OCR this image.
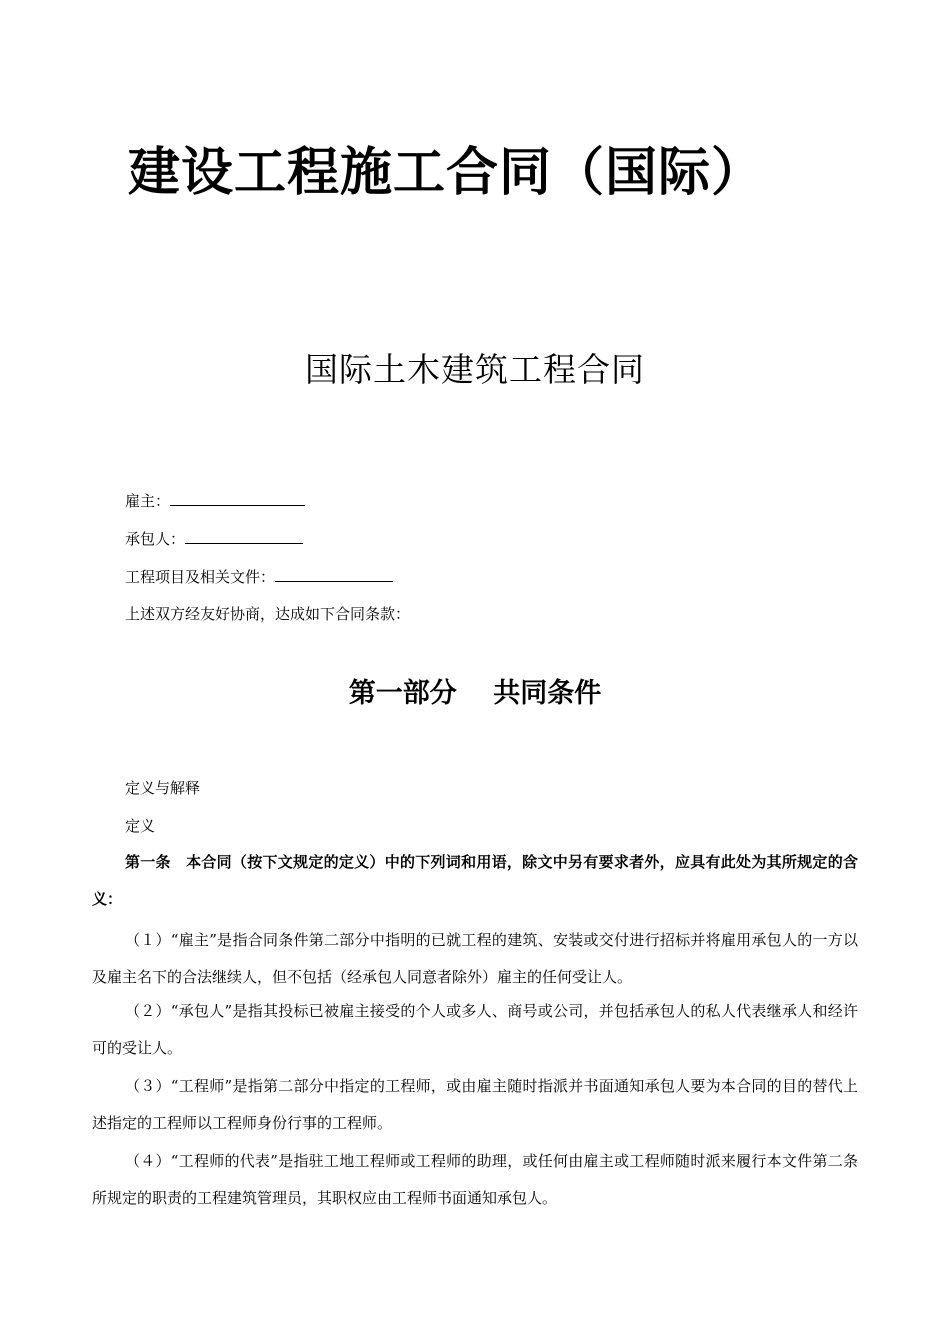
建设工程施工合同（国际）
国际土木建筑工程合同
雇主：
承包人：
工程项目及相关文件：
上述双方经友好协商，达成如下合同条款：
第一部分　 共同条件
定义与解释
定义
第一条　本合同（按下文规定的定义）中的下列词和用语，除文中另有要求者外，应具有此处为其所规定的含义：
（１）“雇主”是指合同条件第二部分中指明的已就工程的建筑、安装或交付进行招标并将雇用承包人的一方以及雇主名下的合法继续人，但不包括（经承包人同意者除外）雇主的任何受让人。
（２）“承包人”是指其投标已被雇主接受的个人或多人、商号或公司，并包括承包人的私人代表继承人和经许可的受让人。
（３）“工程师”是指第二部分中指定的工程师，或由雇主随时指派并书面通知承包人要为本合同的目的替代上述指定的工程师以工程师身份行事的工程师。
（４）“工程师的代表”是指驻工地工程师或工程师的助理，或任何由雇主或工程师随时派来履行本文件第二条所规定的职责的工程建筑管理员，其职权应由工程师书面通知承包人。
